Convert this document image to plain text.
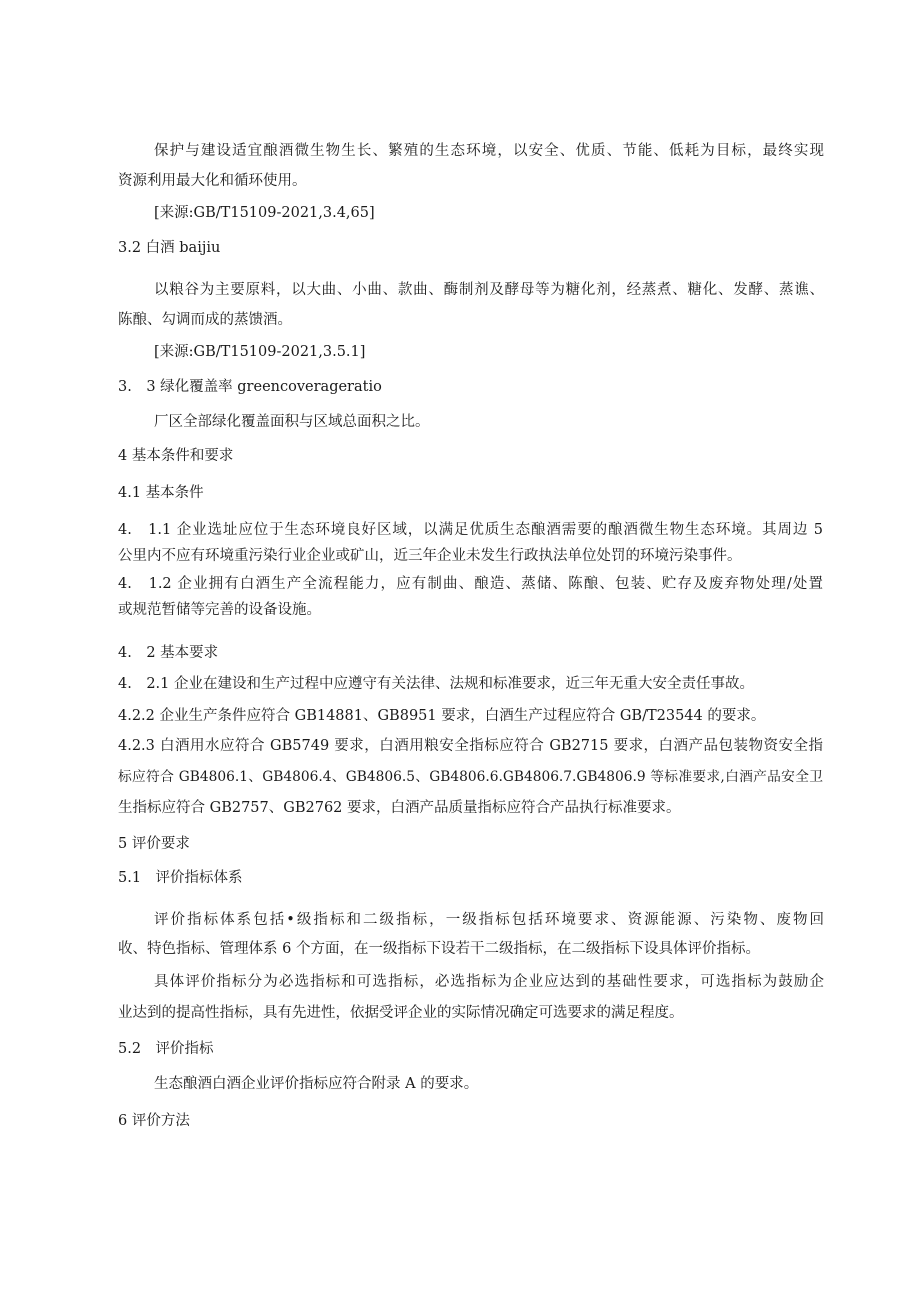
保护与建设适宜酿酒微生物生长、繁殖的生态环境，以安全、优质、节能、低耗为目标，最终实现
资源利用最大化和循环使用。
[来源:GB/T15109-2021,3.4,65]
3.2 白酒 baijiu
以粮谷为主要原料，以大曲、小曲、款曲、酶制剂及酵母等为糖化剂，经蒸煮、糖化、发酵、蒸谯、
陈酿、勾调而成的蒸馈酒。
[来源:GB/T15109-2021,3.5.1]
3.　3 绿化覆盖率 greencoverageratio
厂区全部绿化覆盖面积与区域总面积之比。
4 基本条件和要求
4.1 基本条件
4.　1.1 企业选址应位于生态环境良好区域，以满足优质生态酿酒需要的酿酒微生物生态环境。其周边 5
公里内不应有环境重污染行业企业或矿山，近三年企业未发生行政执法单位处罚的环境污染事件。
4.　1.2 企业拥有白酒生产全流程能力，应有制曲、酿造、蒸储、陈酿、包装、贮存及废弃物处理/处置
或规范暂储等完善的设备设施。
4.　2 基本要求
4.　2.1 企业在建设和生产过程中应遵守有关法律、法规和标准要求，近三年无重大安全责任事故。
4.2.2 企业生产条件应符合 GB14881、GB8951 要求，白酒生产过程应符合 GB/T23544 的要求。
4.2.3 白酒用水应符合 GB5749 要求，白酒用粮安全指标应符合 GB2715 要求，白酒产品包装物资安全指
标应符合 GB4806.1、GB4806.4、GB4806.5、GB4806.6.GB4806.7.GB4806.9 等标准要求,白酒产品安全卫
生指标应符合 GB2757、GB2762 要求，白酒产品质量指标应符合产品执行标准要求。
5 评价要求
5.1　评价指标体系
评价指标体系包括•级指标和二级指标，一级指标包括环境要求、资源能源、污染物、废物回
收、特色指标、管理体系 6 个方面，在一级指标下设若干二级指标，在二级指标下设具体评价指标。
具体评价指标分为必选指标和可选指标，必选指标为企业应达到的基础性要求，可选指标为鼓励企
业达到的提高性指标，具有先进性，依据受评企业的实际情况确定可选要求的满足程度。
5.2　评价指标
生态酿酒白酒企业评价指标应符合附录 A 的要求。
6 评价方法
